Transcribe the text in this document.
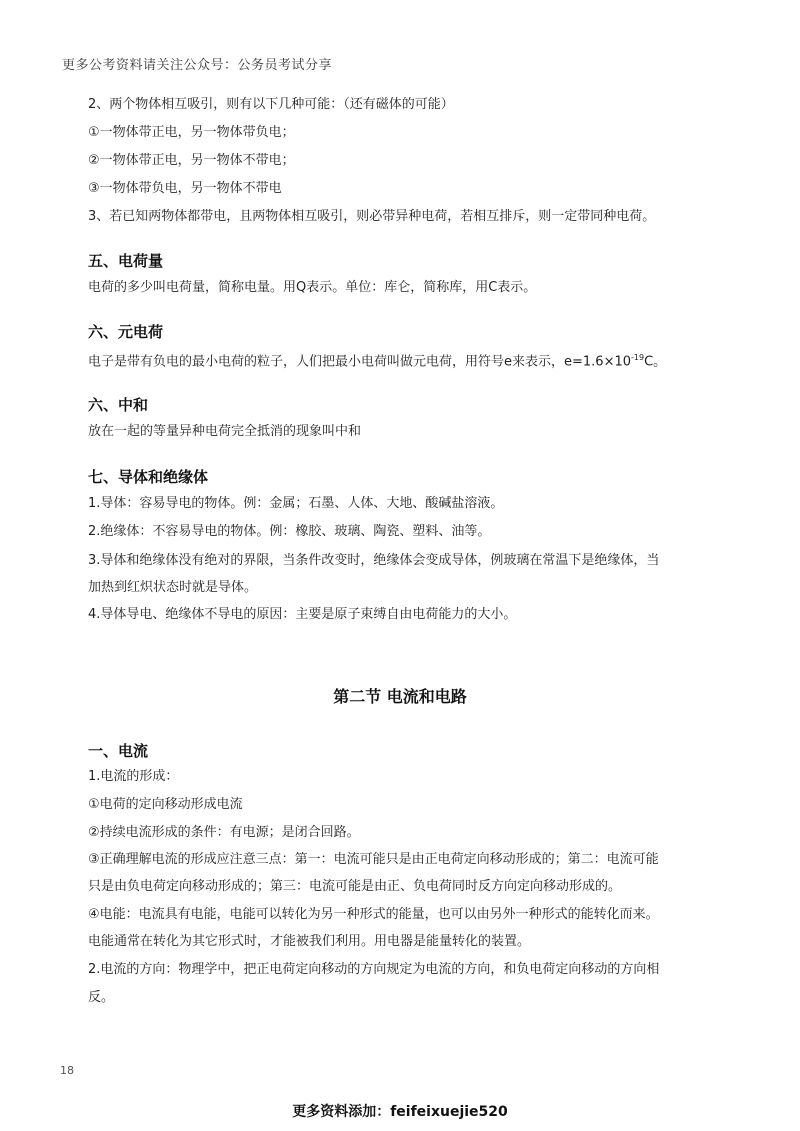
更多公考资料请关注公众号：公务员考试分享
2、两个物体相互吸引，则有以下几种可能：（还有磁体的可能）
①一物体带正电，另一物体带负电；
②一物体带正电，另一物体不带电；
③一物体带负电，另一物体不带电
3、若已知两物体都带电，且两物体相互吸引，则必带异种电荷，若相互排斥，则一定带同种电荷。
五、电荷量
电荷的多少叫电荷量，简称电量。用Q表示。单位：库仑，简称库，用C表示。
六、元电荷
电子是带有负电的最小电荷的粒子，人们把最小电荷叫做元电荷，用符号e来表示，$e=1.6\times 10^{-19}C$。
六、中和
放在一起的等量异种电荷完全抵消的现象叫中和
七、导体和绝缘体
1.导体：容易导电的物体。例：金属；石墨、人体、大地、酸碱盐溶液。
2.绝缘体：不容易导电的物体。例：橡胶、玻璃、陶瓷、塑料、油等。
3.导体和绝缘体没有绝对的界限，当条件改变时，绝缘体会变成导体，例玻璃在常温下是绝缘体，当
加热到红炽状态时就是导体。
4.导体导电、绝缘体不导电的原因：主要是原子束缚自由电荷能力的大小。
第二节 电流和电路
一、电流
1.电流的形成：
①电荷的定向移动形成电流
②持续电流形成的条件：有电源；是闭合回路。
③正确理解电流的形成应注意三点：第一：电流可能只是由正电荷定向移动形成的；第二：电流可能
只是由负电荷定向移动形成的；第三：电流可能是由正、负电荷同时反方向定向移动形成的。
④电能：电流具有电能，电能可以转化为另一种形式的能量，也可以由另外一种形式的能转化而来。
电能通常在转化为其它形式时，才能被我们利用。用电器是能量转化的装置。
2.电流的方向：物理学中，把正电荷定向移动的方向规定为电流的方向，和负电荷定向移动的方向相
反。
18
更多资料添加：feifeixuejie520
